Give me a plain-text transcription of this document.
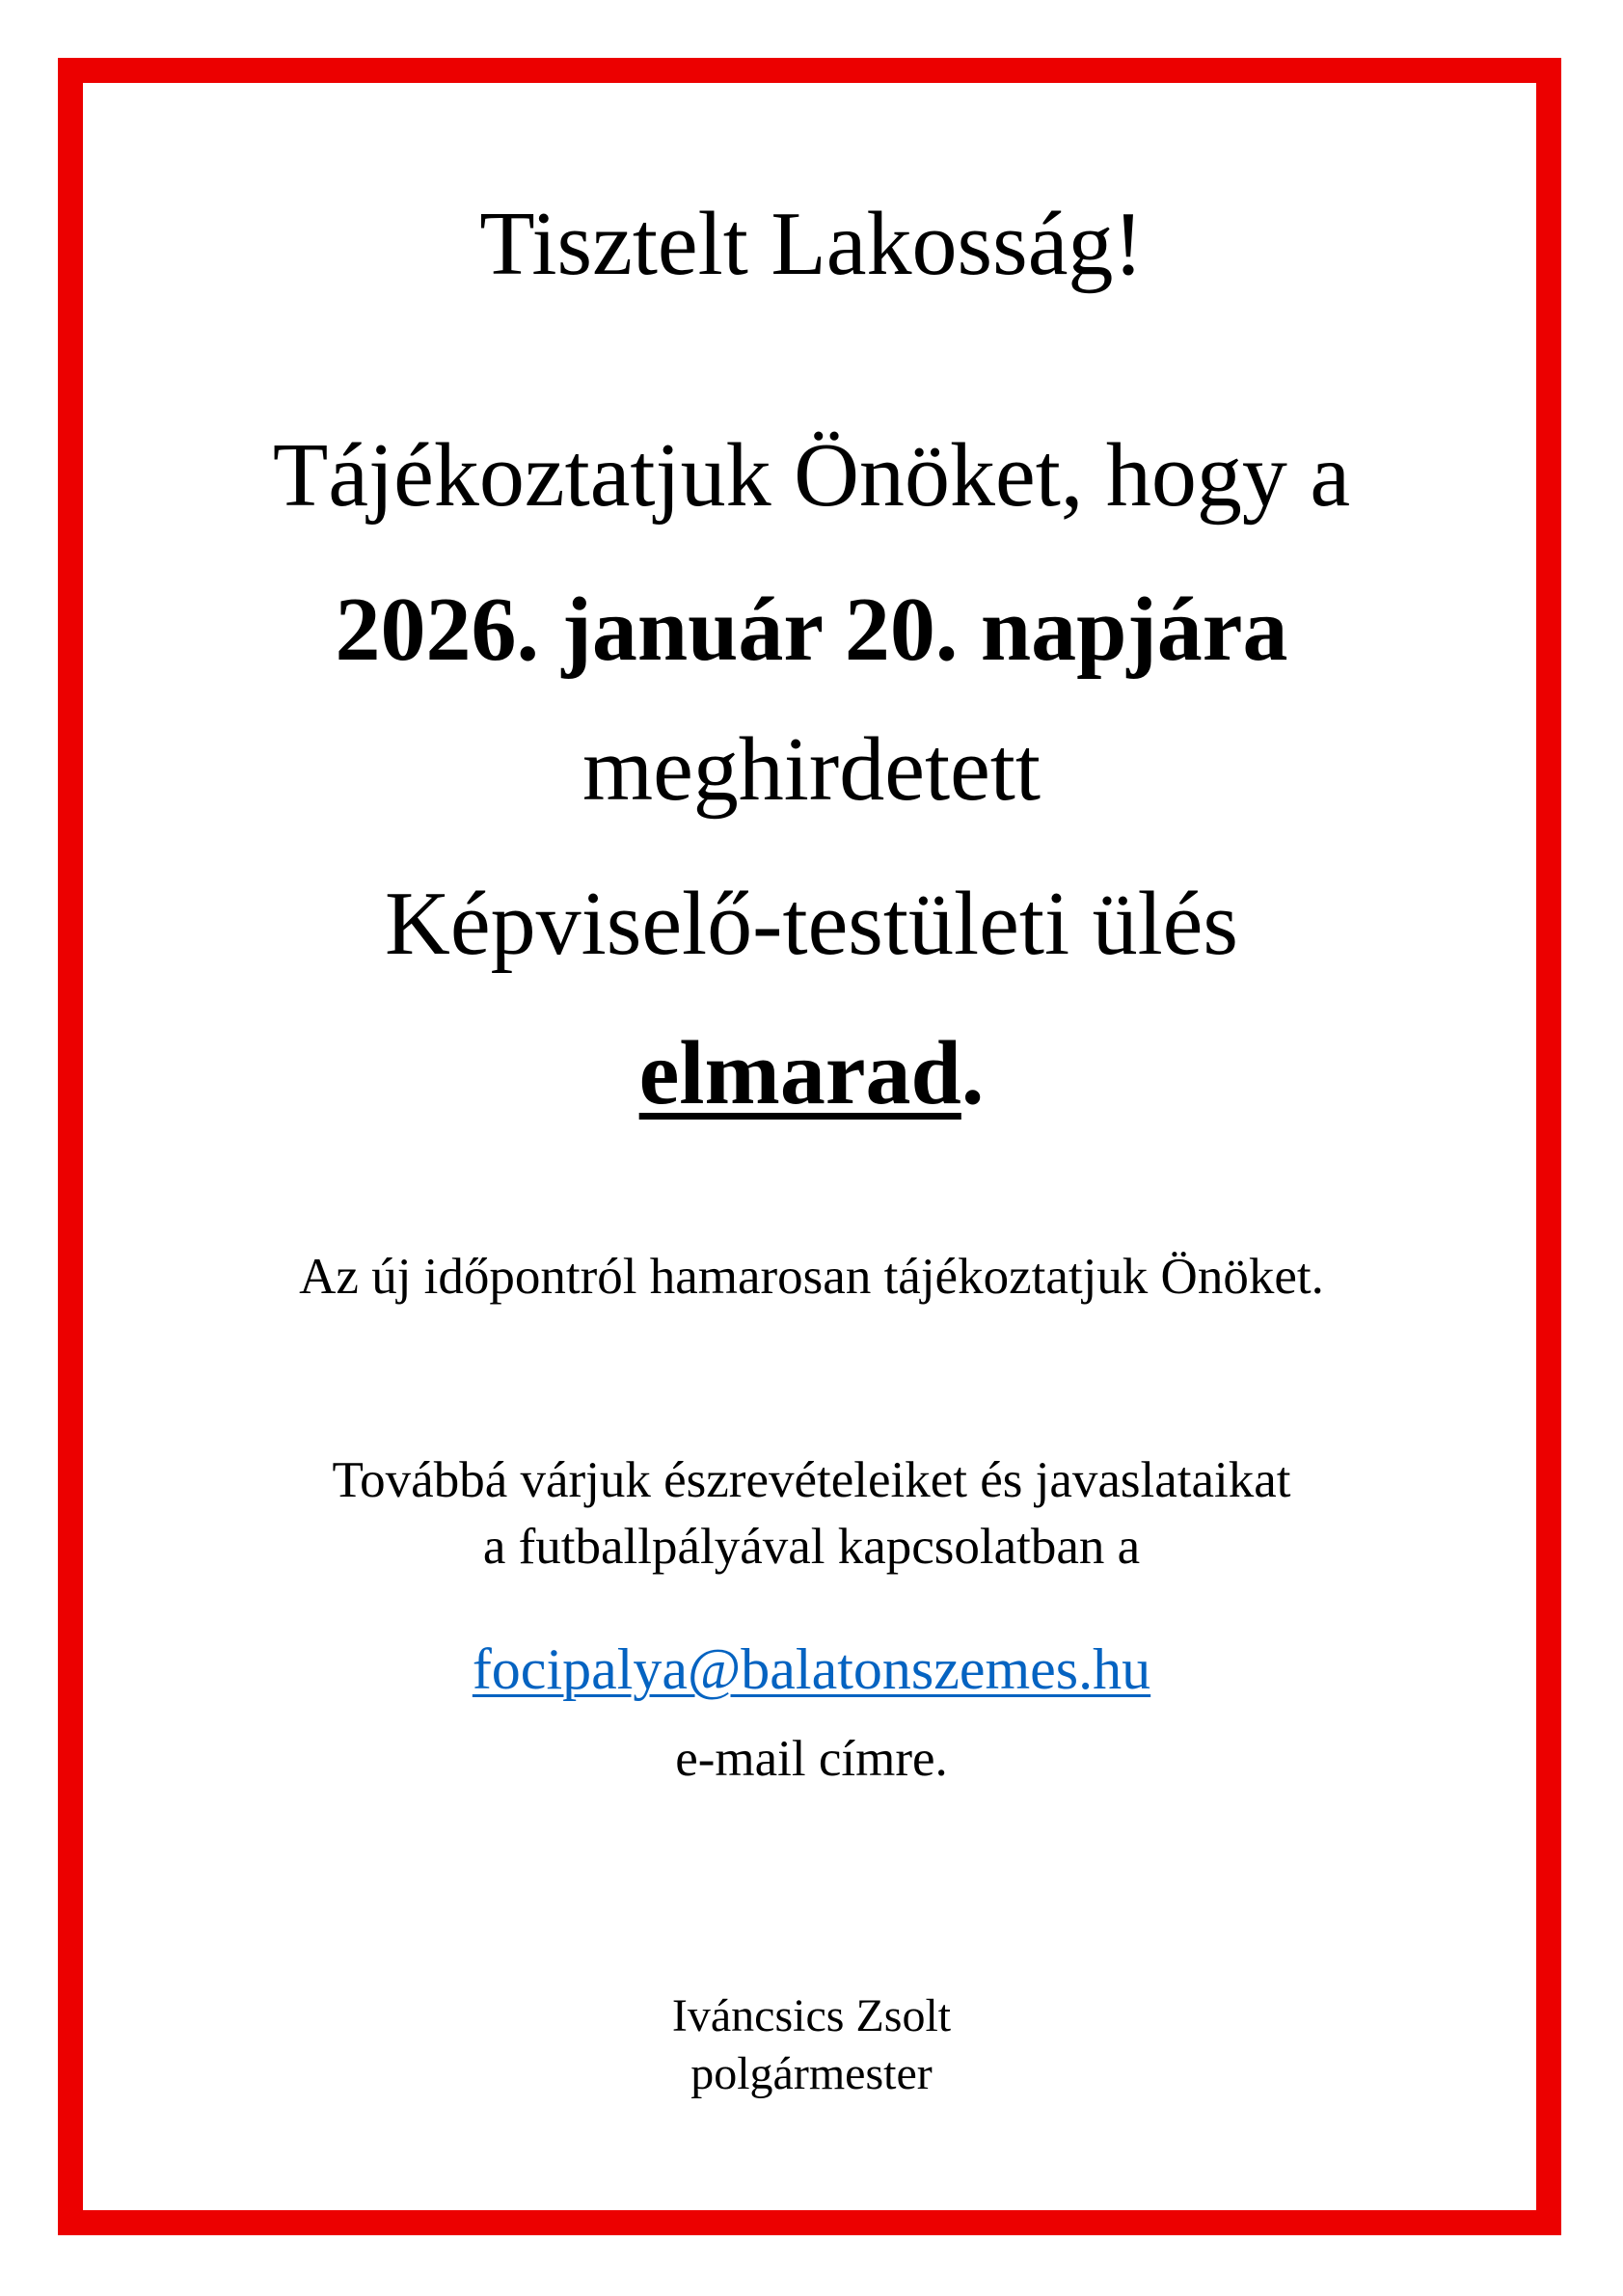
Tisztelt Lakosság!
Tájékoztatjuk Önöket, hogy a
2026. január 20. napjára
meghirdetett
Képviselő-testületi ülés
elmarad.
Az új időpontról hamarosan tájékoztatjuk Önöket.
Továbbá várjuk észrevételeiket és javaslataikat
a futballpályával kapcsolatban a
focipalya@balatonszemes.hu
e-mail címre.
Iváncsics Zsolt
polgármester
